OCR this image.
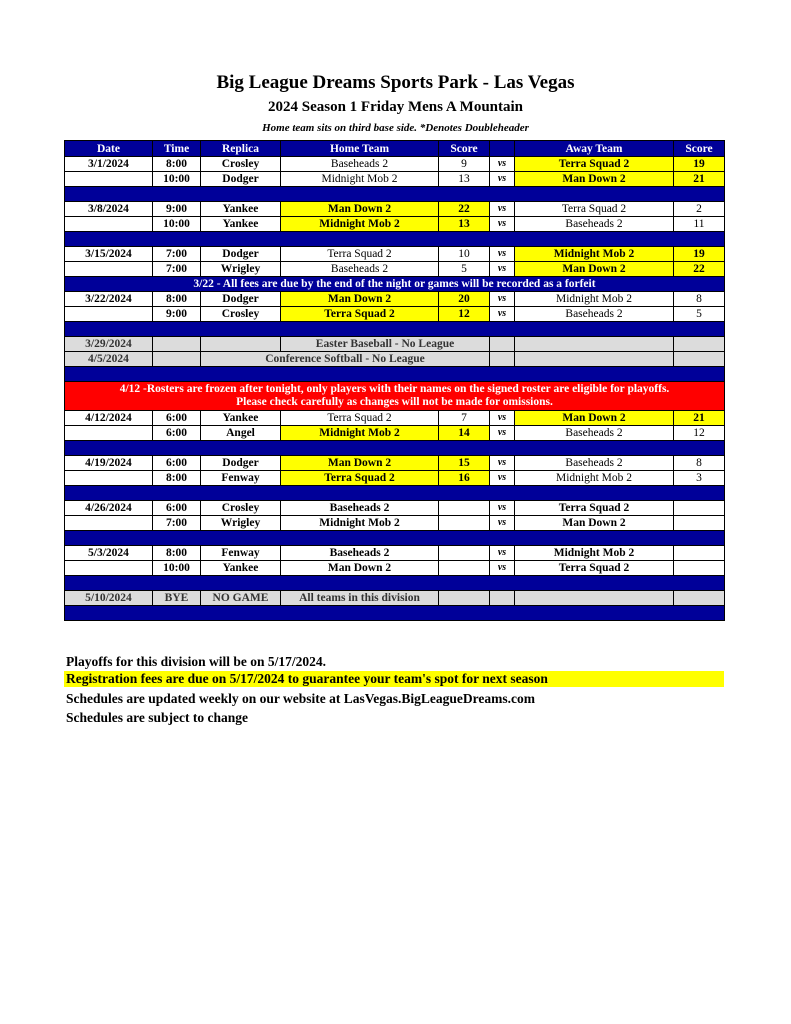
Big League Dreams Sports Park - Las Vegas
2024 Season 1 Friday Mens A Mountain
Home team sits on third base side. *Denotes Doubleheader
Date	Time	Replica	Home Team	Score		Away Team	Score
3/1/2024	8:00	Crosley	Baseheads 2	9	vs	Terra Squad 2	19
	10:00	Dodger	Midnight Mob 2	13	vs	Man Down 2	21

3/8/2024	9:00	Yankee	Man Down 2	22	vs	Terra Squad 2	2
	10:00	Yankee	Midnight Mob 2	13	vs	Baseheads 2	11

3/15/2024	7:00	Dodger	Terra Squad 2	10	vs	Midnight Mob 2	19
	7:00	Wrigley	Baseheads 2	5	vs	Man Down 2	22
3/22 - All fees are due by the end of the night or games will be recorded as a forfeit							
3/22/2024	8:00	Dodger	Man Down 2	20	vs	Midnight Mob 2	8
	9:00	Crosley	Terra Squad 2	12	vs	Baseheads 2	5

3/29/2024			Easter Baseball - No League				
4/5/2024		Conference Softball - No League					

4/12 -Rosters are frozen after tonight, only players with their names on the signed roster are eligible for playoffs.
Please check carefully as changes will not be made for omissions.							

4/12/2024	6:00	Yankee	Terra Squad 2	7	vs	Man Down 2	21
	6:00	Angel	Midnight Mob 2	14	vs	Baseheads 2	12

4/19/2024	6:00	Dodger	Man Down 2	15	vs	Baseheads 2	8
	8:00	Fenway	Terra Squad 2	16	vs	Midnight Mob 2	3

4/26/2024	6:00	Crosley	Baseheads 2		vs	Terra Squad 2	
	7:00	Wrigley	Midnight Mob 2		vs	Man Down 2	

5/3/2024	8:00	Fenway	Baseheads 2		vs	Midnight Mob 2	
	10:00	Yankee	Man Down 2		vs	Terra Squad 2	

5/10/2024	BYE	NO GAME	All teams in this division				

Playoffs for this division will be on 5/17/2024.
Registration fees are due on 5/17/2024 to guarantee your team's spot for next season
Schedules are updated weekly on our website at LasVegas.BigLeagueDreams.com
Schedules are subject to change
